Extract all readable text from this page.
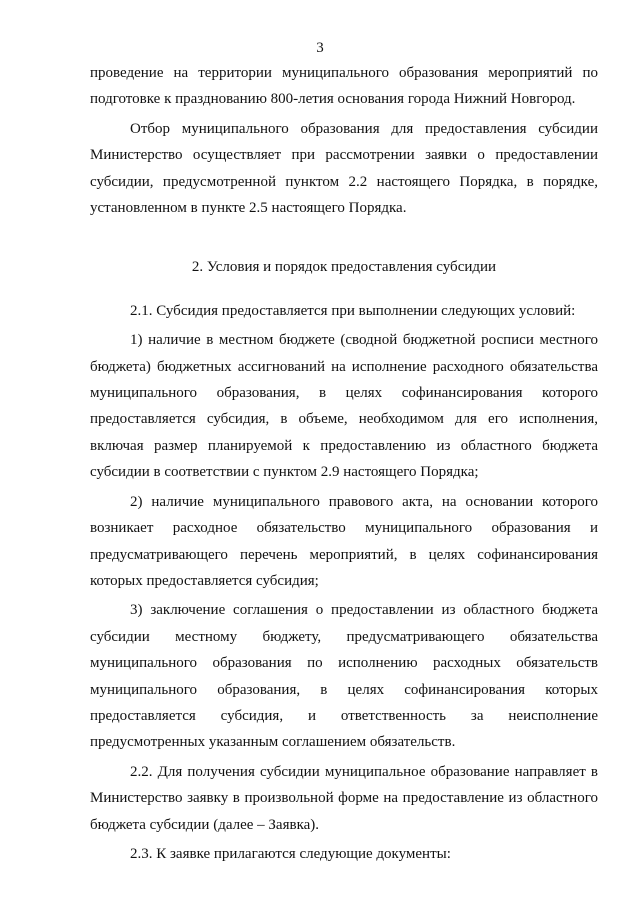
3

проведение на территории муниципального образования мероприятий по подготовке к празднованию 800-летия основания города Нижний Новгород.

Отбор муниципального образования для предоставления субсидии Министерство осуществляет при рассмотрении заявки о предоставлении субсидии, предусмотренной пунктом 2.2 настоящего Порядка, в порядке, установленном в пункте 2.5 настоящего Порядка.

2. Условия и порядок предоставления субсидии

2.1. Субсидия предоставляется при выполнении следующих условий:

1) наличие в местном бюджете (сводной бюджетной росписи местного бюджета) бюджетных ассигнований на исполнение расходного обязательства муниципального образования, в целях софинансирования которого предоставляется субсидия, в объеме, необходимом для его исполнения, включая размер планируемой к предоставлению из областного бюджета субсидии в соответствии с пунктом 2.9 настоящего Порядка;

2) наличие муниципального правового акта, на основании которого возникает расходное обязательство муниципального образования и предусматривающего перечень мероприятий, в целях софинансирования которых предоставляется субсидия;

3) заключение соглашения о предоставлении из областного бюджета субсидии местному бюджету, предусматривающего обязательства муниципального образования по исполнению расходных обязательств муниципального образования, в целях софинансирования которых предоставляется субсидия, и ответственность за неисполнение предусмотренных указанным соглашением обязательств.

2.2. Для получения субсидии муниципальное образование направляет в Министерство заявку в произвольной форме на предоставление из областного бюджета субсидии (далее – Заявка).

2.3. К заявке прилагаются следующие документы:
